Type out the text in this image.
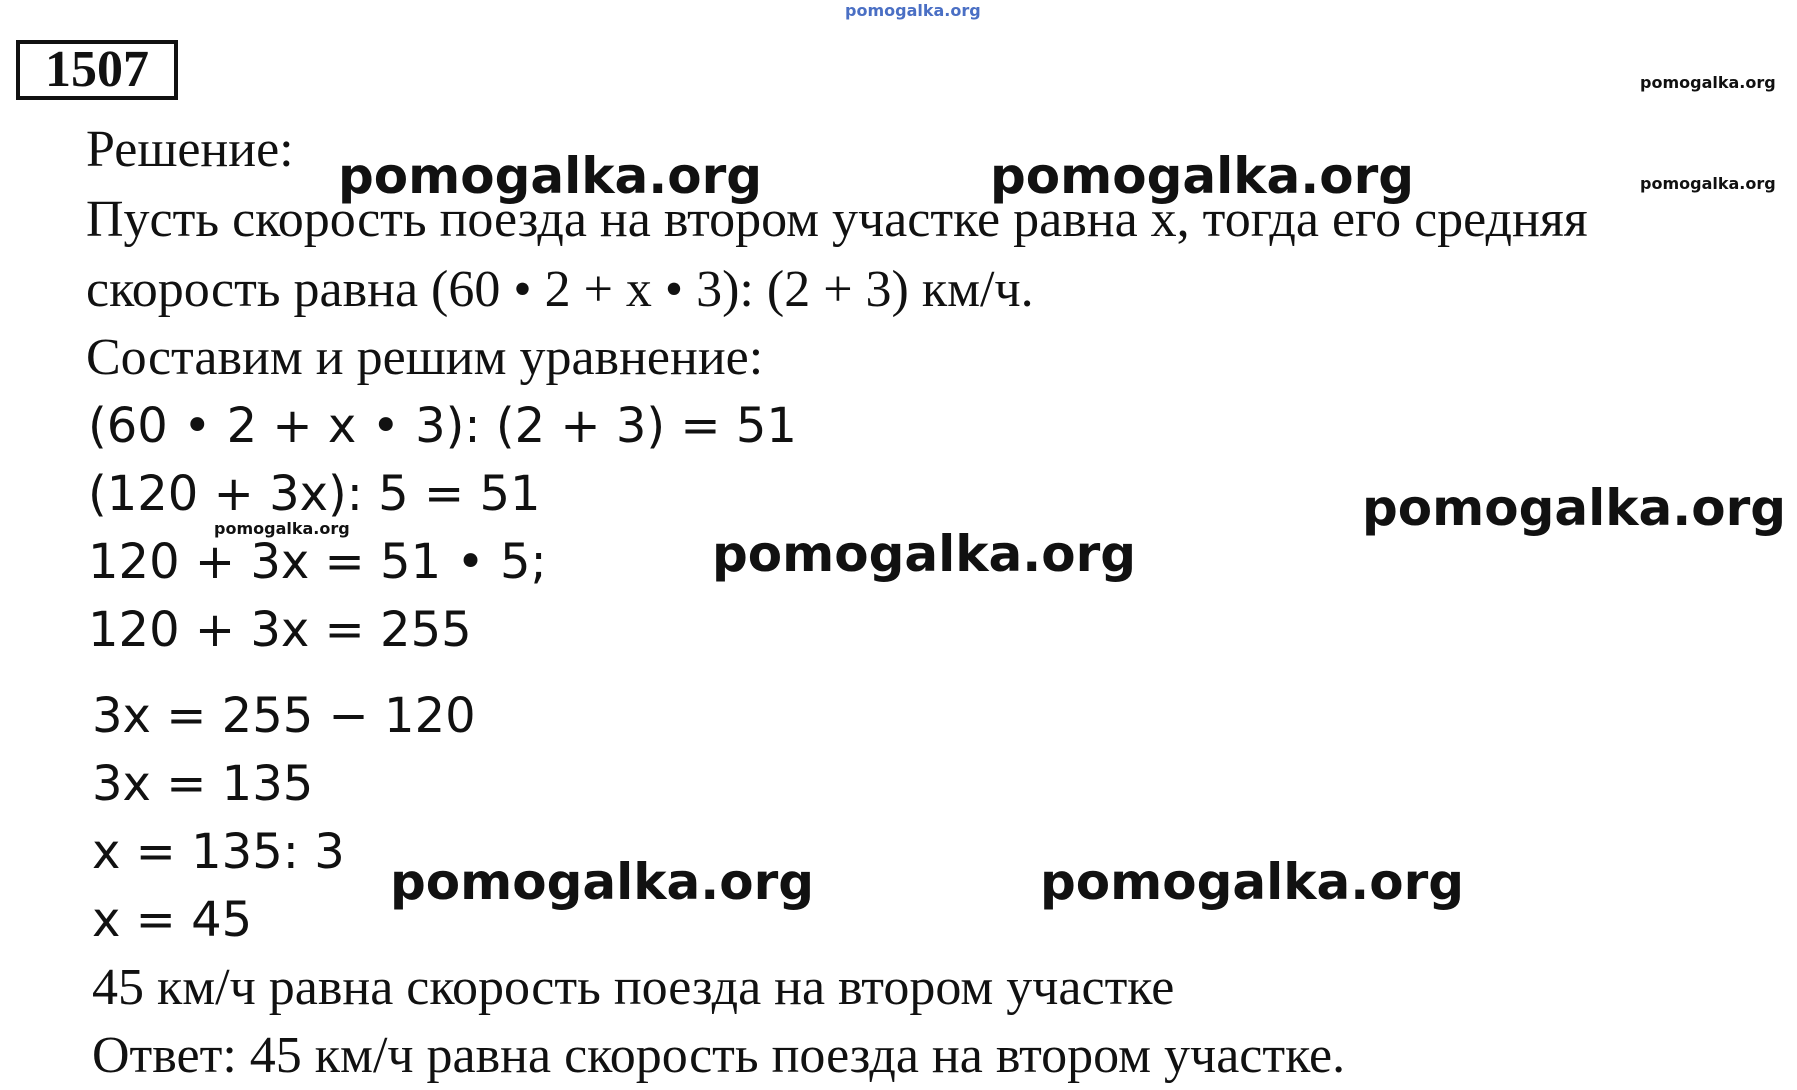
pomogalka.org
1507	pomogalka.org
pomogalka.org
Решение: pomogalka.org	pomogalka.org
Пусть скорость поезда на втором участке равна x, тогда его средняя
скорость равна (60 • 2 + x • 3): (2 + 3) км/ч.
Составим и решим уравнение:
(60 • 2 + x • 3): (2 + 3) = 51
(120 + 3x): 5 = 51	pomogalka.org
pomogalka.org
120 + 3x = 51 • 5;	pomogalka.org
120 + 3x = 255
3x = 255 − 120
3x = 135
x = 135: 3
pomogalka.org	pomogalka.org
x = 45
45 км/ч равна скорость поезда на втором участке
Ответ: 45 км/ч равна скорость поезда на втором участке.
